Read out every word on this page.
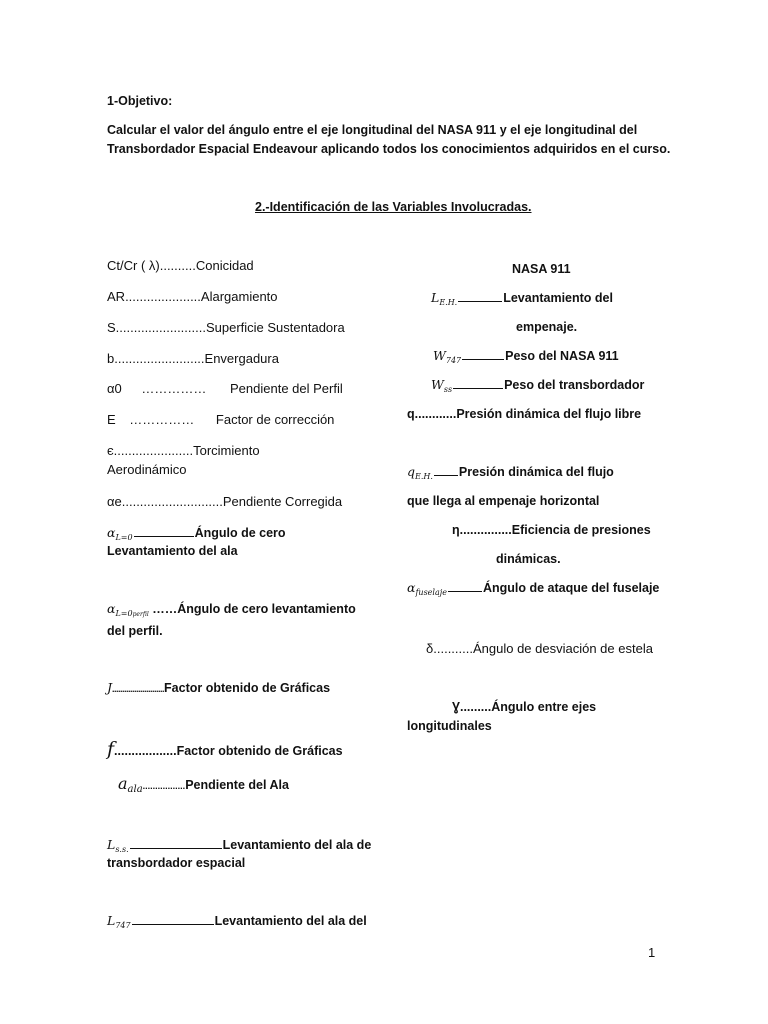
1-Objetivo:
Calcular el valor del ángulo entre el eje longitudinal del NASA 911 y el eje longitudinal del
Transbordador Espacial Endeavour aplicando todos los conocimientos adquiridos en el curso.
2.-Identificación de las Variables Involucradas.
Ct/Cr ( λ)..........Conicidad
AR.....................Alargamiento
S.........................Superficie Sustentadora
b.........................Envergadura
α0 …………… Pendiente del Perfil
E …………… Factor de corrección
є......................Torcimiento
Aerodinámico
αe............................Pendiente Corregida
$\alpha_{L=0}$	Ángulo de cero
Levantamiento del ala
$\alpha_{L=0perfil}$ ……Ángulo de cero levantamiento
del perfil.
J..........................Factor obtenido de Gráficas
f..................Factor obtenido de Gráficas
$a_{ala}.................Pendiente$ del Ala
$L_{s.s.}$	Levantamiento del ala de
transbordador espacial
$L_{747}$	Levantamiento del ala del
NASA 911
$L_{E.H.}$	Levantamiento del
empenaje.
$W_{747}$	Peso del NASA 911
$W_{ss}$	Peso del transbordador
q............Presión dinámica del flujo libre
$q_{E.H.}$ Presión dinámica del flujo
que llega al empenaje horizontal
η...............Eficiencia de presiones
dinámicas.
$\alpha_{fuselaje}$	Ángulo de ataque del fuselaje
δ...........Ángulo de desviación de estela
Ɣ.........Ángulo entre ejes
longitudinales
1
